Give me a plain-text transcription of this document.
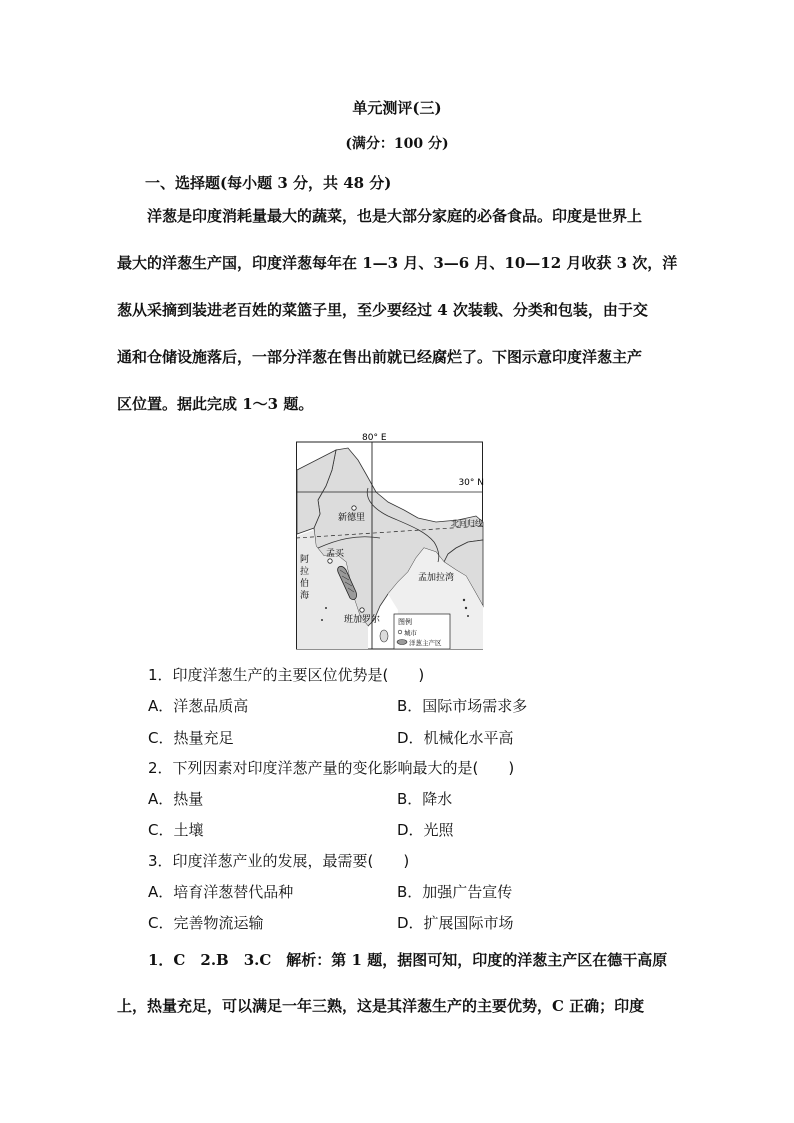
单元测评(三)
(满分：100 分)
一、选择题(每小题 3 分，共 48 分)
洋葱是印度消耗量最大的蔬菜，也是大部分家庭的必备食品。印度是世界上
最大的洋葱生产国，印度洋葱每年在 1—3 月、3—6 月、10—12 月收获 3 次，洋
葱从采摘到装进老百姓的菜篮子里，至少要经过 4 次装载、分类和包装，由于交
通和仓储设施落后，一部分洋葱在售出前就已经腐烂了。下图示意印度洋葱主产
区位置。据此完成 1～3 题。
80° E
30° N
北回归线
新德里
孟买
班加罗尔
阿
拉
伯
海
孟加拉湾
图例
城市
洋葱主产区
1．印度洋葱生产的主要区位优势是(　　)
A．洋葱品质高	B．国际市场需求多
C．热量充足	D．机械化水平高
2．下列因素对印度洋葱产量的变化影响最大的是(　　)
A．热量	B．降水
C．土壤	D．光照
3．印度洋葱产业的发展，最需要(　　)
A．培育洋葱替代品种	B．加强广告宣传
C．完善物流运输	D．扩展国际市场
1．C　2.B　3.C　解析：第 1 题，据图可知，印度的洋葱主产区在德干高原
上，热量充足，可以满足一年三熟，这是其洋葱生产的主要优势，C 正确；印度
